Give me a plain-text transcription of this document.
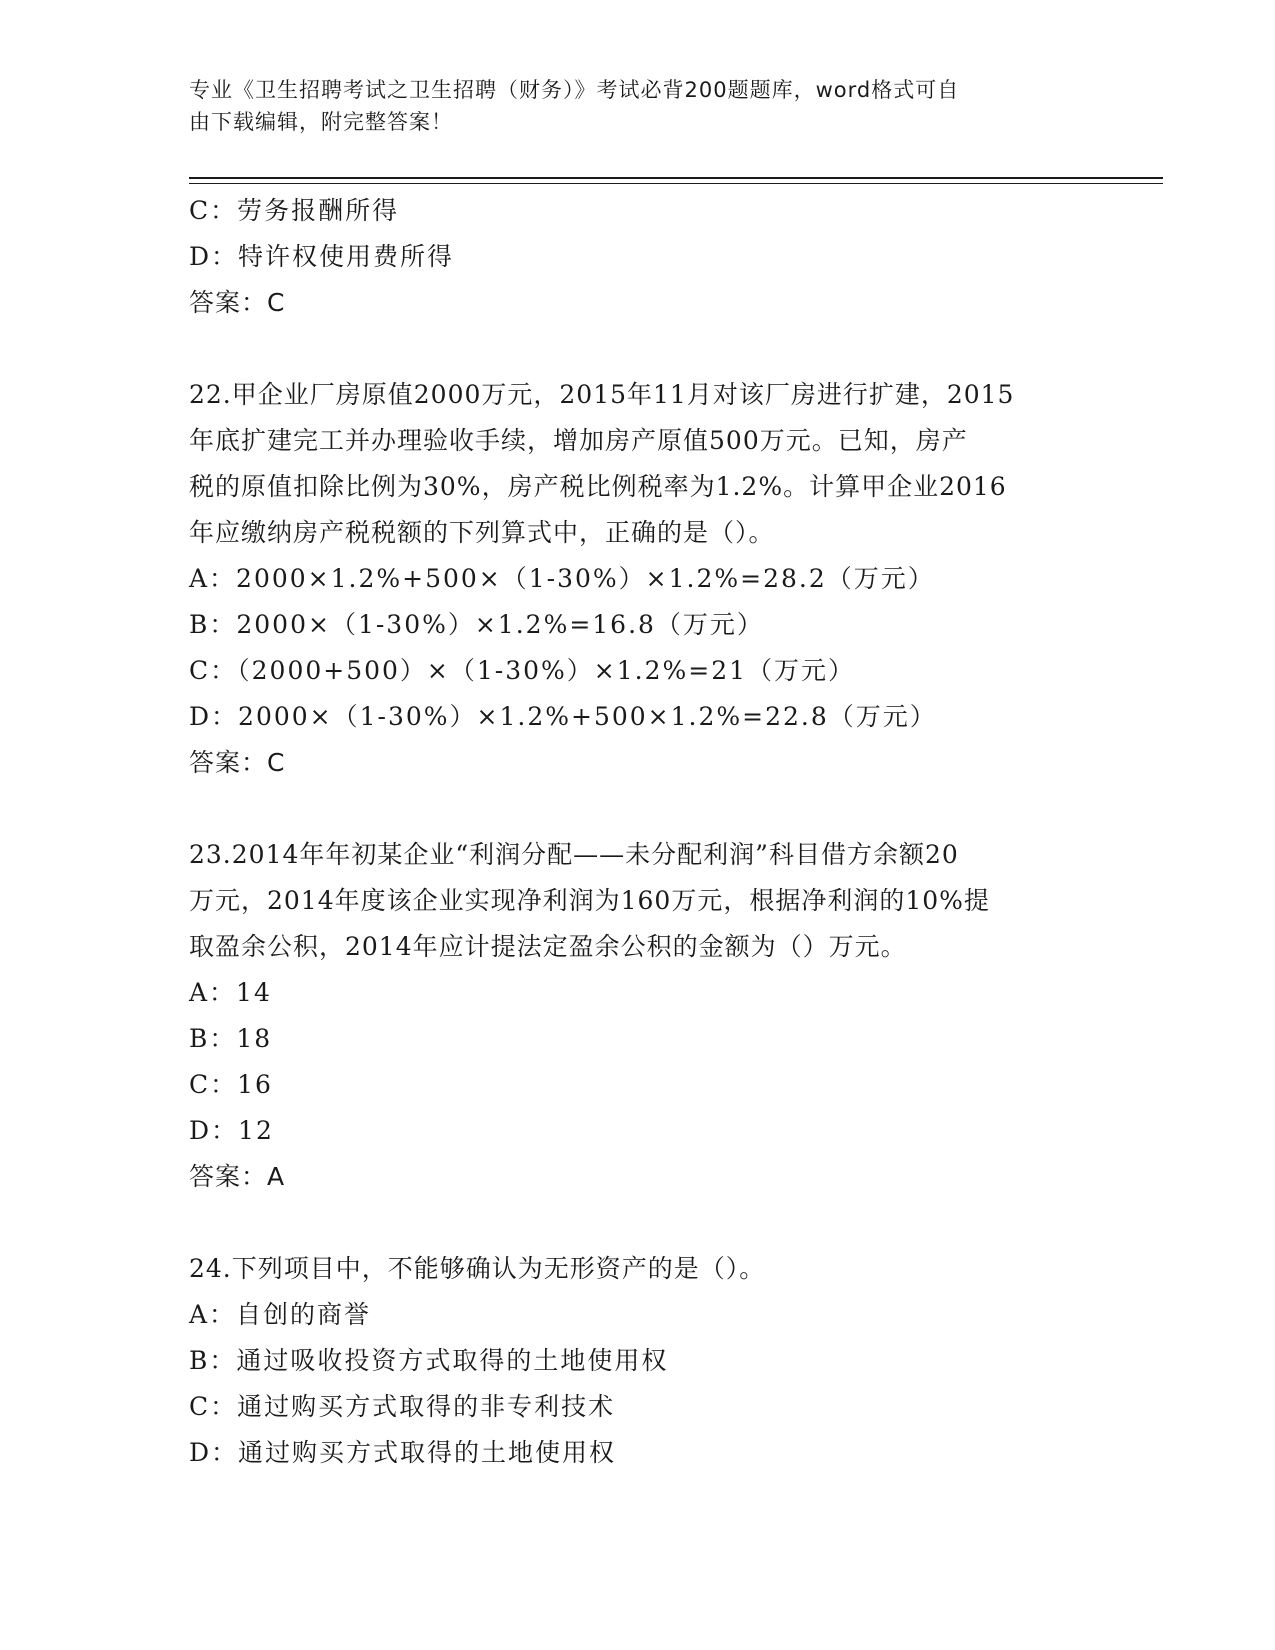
专业《卫生招聘考试之卫生招聘（财务）》考试必背200题题库，word格式可自
由下载编辑，附完整答案！
C：劳务报酬所得
D：特许权使用费所得
答案：C
22.甲企业厂房原值2000万元，2015年11月对该厂房进行扩建，2015
年底扩建完工并办理验收手续，增加房产原值500万元。已知，房产
税的原值扣除比例为30%，房产税比例税率为1.2%。计算甲企业2016
年应缴纳房产税税额的下列算式中，正确的是（）。
A：2000×1.2%+500×（1-30%）×1.2%=28.2（万元）
B：2000×（1-30%）×1.2%=16.8（万元）
C：（2000+500）×（1-30%）×1.2%=21（万元）
D：2000×（1-30%）×1.2%+500×1.2%=22.8（万元）
答案：C
23.2014年年初某企业“利润分配——未分配利润”科目借方余额20
万元，2014年度该企业实现净利润为160万元，根据净利润的10%提
取盈余公积，2014年应计提法定盈余公积的金额为（）万元。
A：14
B：18
C：16
D：12
答案：A
24.下列项目中，不能够确认为无形资产的是（）。
A：自创的商誉
B：通过吸收投资方式取得的土地使用权
C：通过购买方式取得的非专利技术
D：通过购买方式取得的土地使用权
